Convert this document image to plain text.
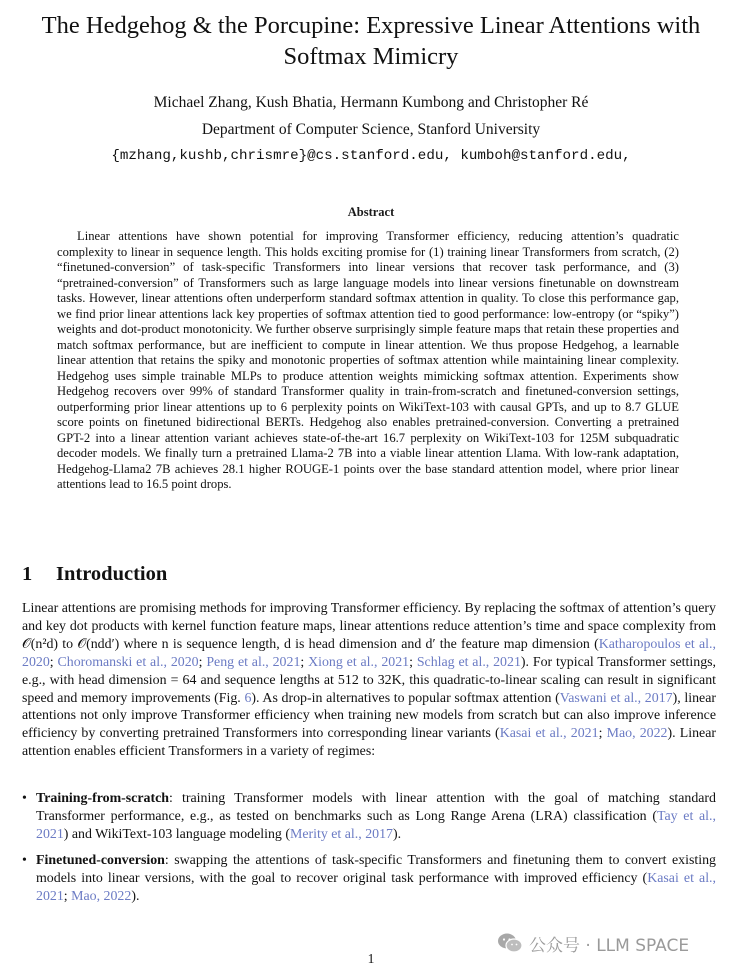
The Hedgehog & the Porcupine: Expressive Linear Attentions with
Softmax Mimicry
Michael Zhang, Kush Bhatia, Hermann Kumbong and Christopher Ré
Department of Computer Science, Stanford University
{mzhang,kushb,chrismre}@cs.stanford.edu, kumboh@stanford.edu,
Abstract

Linear attentions have shown potential for improving Transformer efficiency, reducing attention’s quadratic complexity to linear in sequence length. This holds exciting promise for (1) training linear Transformers from scratch, (2) “finetuned-conversion” of task-specific Transformers into linear versions that recover task performance, and (3) “pretrained-conversion” of Transformers such as large language models into linear versions finetunable on downstream tasks. However, linear attentions often underperform standard softmax attention in quality. To close this performance gap, we find prior linear attentions lack key properties of softmax attention tied to good performance: low-entropy (or “spiky”) weights and dot-product monotonicity. We further observe surprisingly simple feature maps that retain these properties and match softmax performance, but are inefficient to compute in linear attention. We thus propose Hedgehog, a learnable linear attention that retains the spiky and monotonic properties of softmax attention while maintaining linear complexity. Hedgehog uses simple trainable MLPs to produce attention weights mimicking softmax attention. Experiments show Hedgehog recovers over 99% of standard Transformer quality in train-from-scratch and finetuned-conversion settings, outperforming prior linear attentions up to 6 perplexity points on WikiText-103 with causal GPTs, and up to 8.7 GLUE score points on finetuned bidirectional BERTs. Hedgehog also enables pretrained-conversion. Converting a pretrained GPT-2 into a linear attention variant achieves state-of-the-art 16.7 perplexity on WikiText-103 for 125M subquadratic decoder models. We finally turn a pretrained Llama-2 7B into a viable linear attention Llama. With low-rank adaptation, Hedgehog-Llama2 7B achieves 28.1 higher ROUGE-1 points over the base standard attention model, where prior linear attentions lead to 16.5 point drops.

1 Introduction

Linear attentions are promising methods for improving Transformer efficiency. By replacing the softmax of attention’s query and key dot products with kernel function feature maps, linear attentions reduce attention’s time and space complexity from 𝒪(n²d) to 𝒪(ndd′) where n is sequence length, d is head dimension and d′ the feature map dimension (Katharopoulos et al., 2020; Choromanski et al., 2020; Peng et al., 2021; Xiong et al., 2021; Schlag et al., 2021). For typical Transformer settings, e.g., with head dimension = 64 and sequence lengths at 512 to 32K, this quadratic-to-linear scaling can result in significant speed and memory improvements (Fig. 6). As drop-in alternatives to popular softmax attention (Vaswani et al., 2017), linear attentions not only improve Transformer efficiency when training new models from scratch but can also improve inference efficiency by converting pretrained Transformers into corresponding linear variants (Kasai et al., 2021; Mao, 2022). Linear attention enables efficient Transformers in a variety of regimes:

• Training-from-scratch: training Transformer models with linear attention with the goal of matching standard Transformer performance, e.g., as tested on benchmarks such as Long Range Arena (LRA) classification (Tay et al., 2021) and WikiText-103 language modeling (Merity et al., 2017).
• Finetuned-conversion: swapping the attentions of task-specific Transformers and finetuning them to convert existing models into linear versions, with the goal to recover original task performance with improved efficiency (Kasai et al., 2021; Mao, 2022).
公众号 · LLM SPACE
1
